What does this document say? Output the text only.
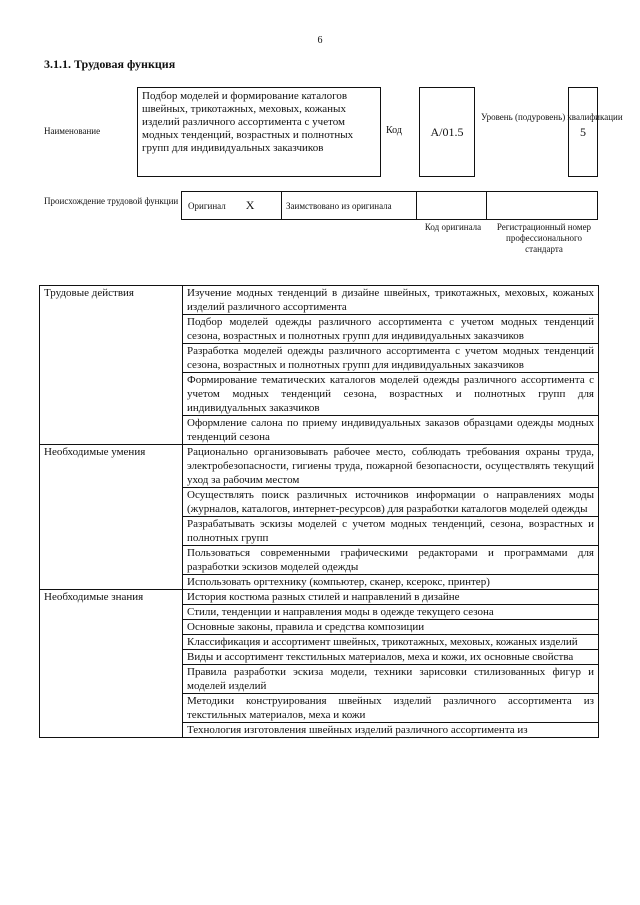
6
3.1.1. Трудовая функция
Наименование
Подбор моделей и формирование каталогов швейных, трикотажных, меховых, кожаных изделий различного ассортимента с учетом модных тенденций, возрастных и полнотных групп для индивидуальных заказчиков
Код	А/01.5
Уровень (подуровень) квалификации
5
Происхождение трудовой функции Оригинал Х	Заимствовано из оригинала
Код оригинала	Регистрационный номер профессионального стандарта
Трудовые действия	Изучение модных тенденций в дизайне швейных, трикотажных, меховых, кожаных изделий различного ассортимента
	Подбор моделей одежды различного ассортимента с учетом модных тенденций сезона, возрастных и полнотных групп для индивидуальных заказчиков
	Разработка моделей одежды различного ассортимента с учетом модных тенденций сезона, возрастных и полнотных групп для индивидуальных заказчиков
	Формирование тематических каталогов моделей одежды различного ассортимента с учетом модных тенденций сезона, возрастных и полнотных групп для индивидуальных заказчиков
	Оформление салона по приему индивидуальных заказов образцами одежды модных тенденций сезона
Необходимые умения	Рационально организовывать рабочее место, соблюдать требования охраны труда, электробезопасности, гигиены труда, пожарной безопасности, осуществлять текущий уход за рабочим местом
	Осуществлять поиск различных источников информации о направлениях моды (журналов, каталогов, интернет-ресурсов) для разработки каталогов моделей одежды
	Разрабатывать эскизы моделей с учетом модных тенденций, сезона, возрастных и полнотных групп
	Пользоваться современными графическими редакторами и программами для разработки эскизов моделей одежды
	Использовать оргтехнику (компьютер, сканер, ксерокс, принтер)
Необходимые знания	История костюма разных стилей и направлений в дизайне
	Стили, тенденции и направления моды в одежде текущего сезона
	Основные законы, правила и средства композиции
	Классификация и ассортимент швейных, трикотажных, меховых, кожаных изделий
	Виды и ассортимент текстильных материалов, меха и кожи, их основные свойства
	Правила разработки эскиза модели, техники зарисовки стилизованных фигур и моделей изделий
	Методики конструирования швейных изделий различного ассортимента из текстильных материалов, меха и кожи
	Технология изготовления швейных изделий различного ассортимента из
